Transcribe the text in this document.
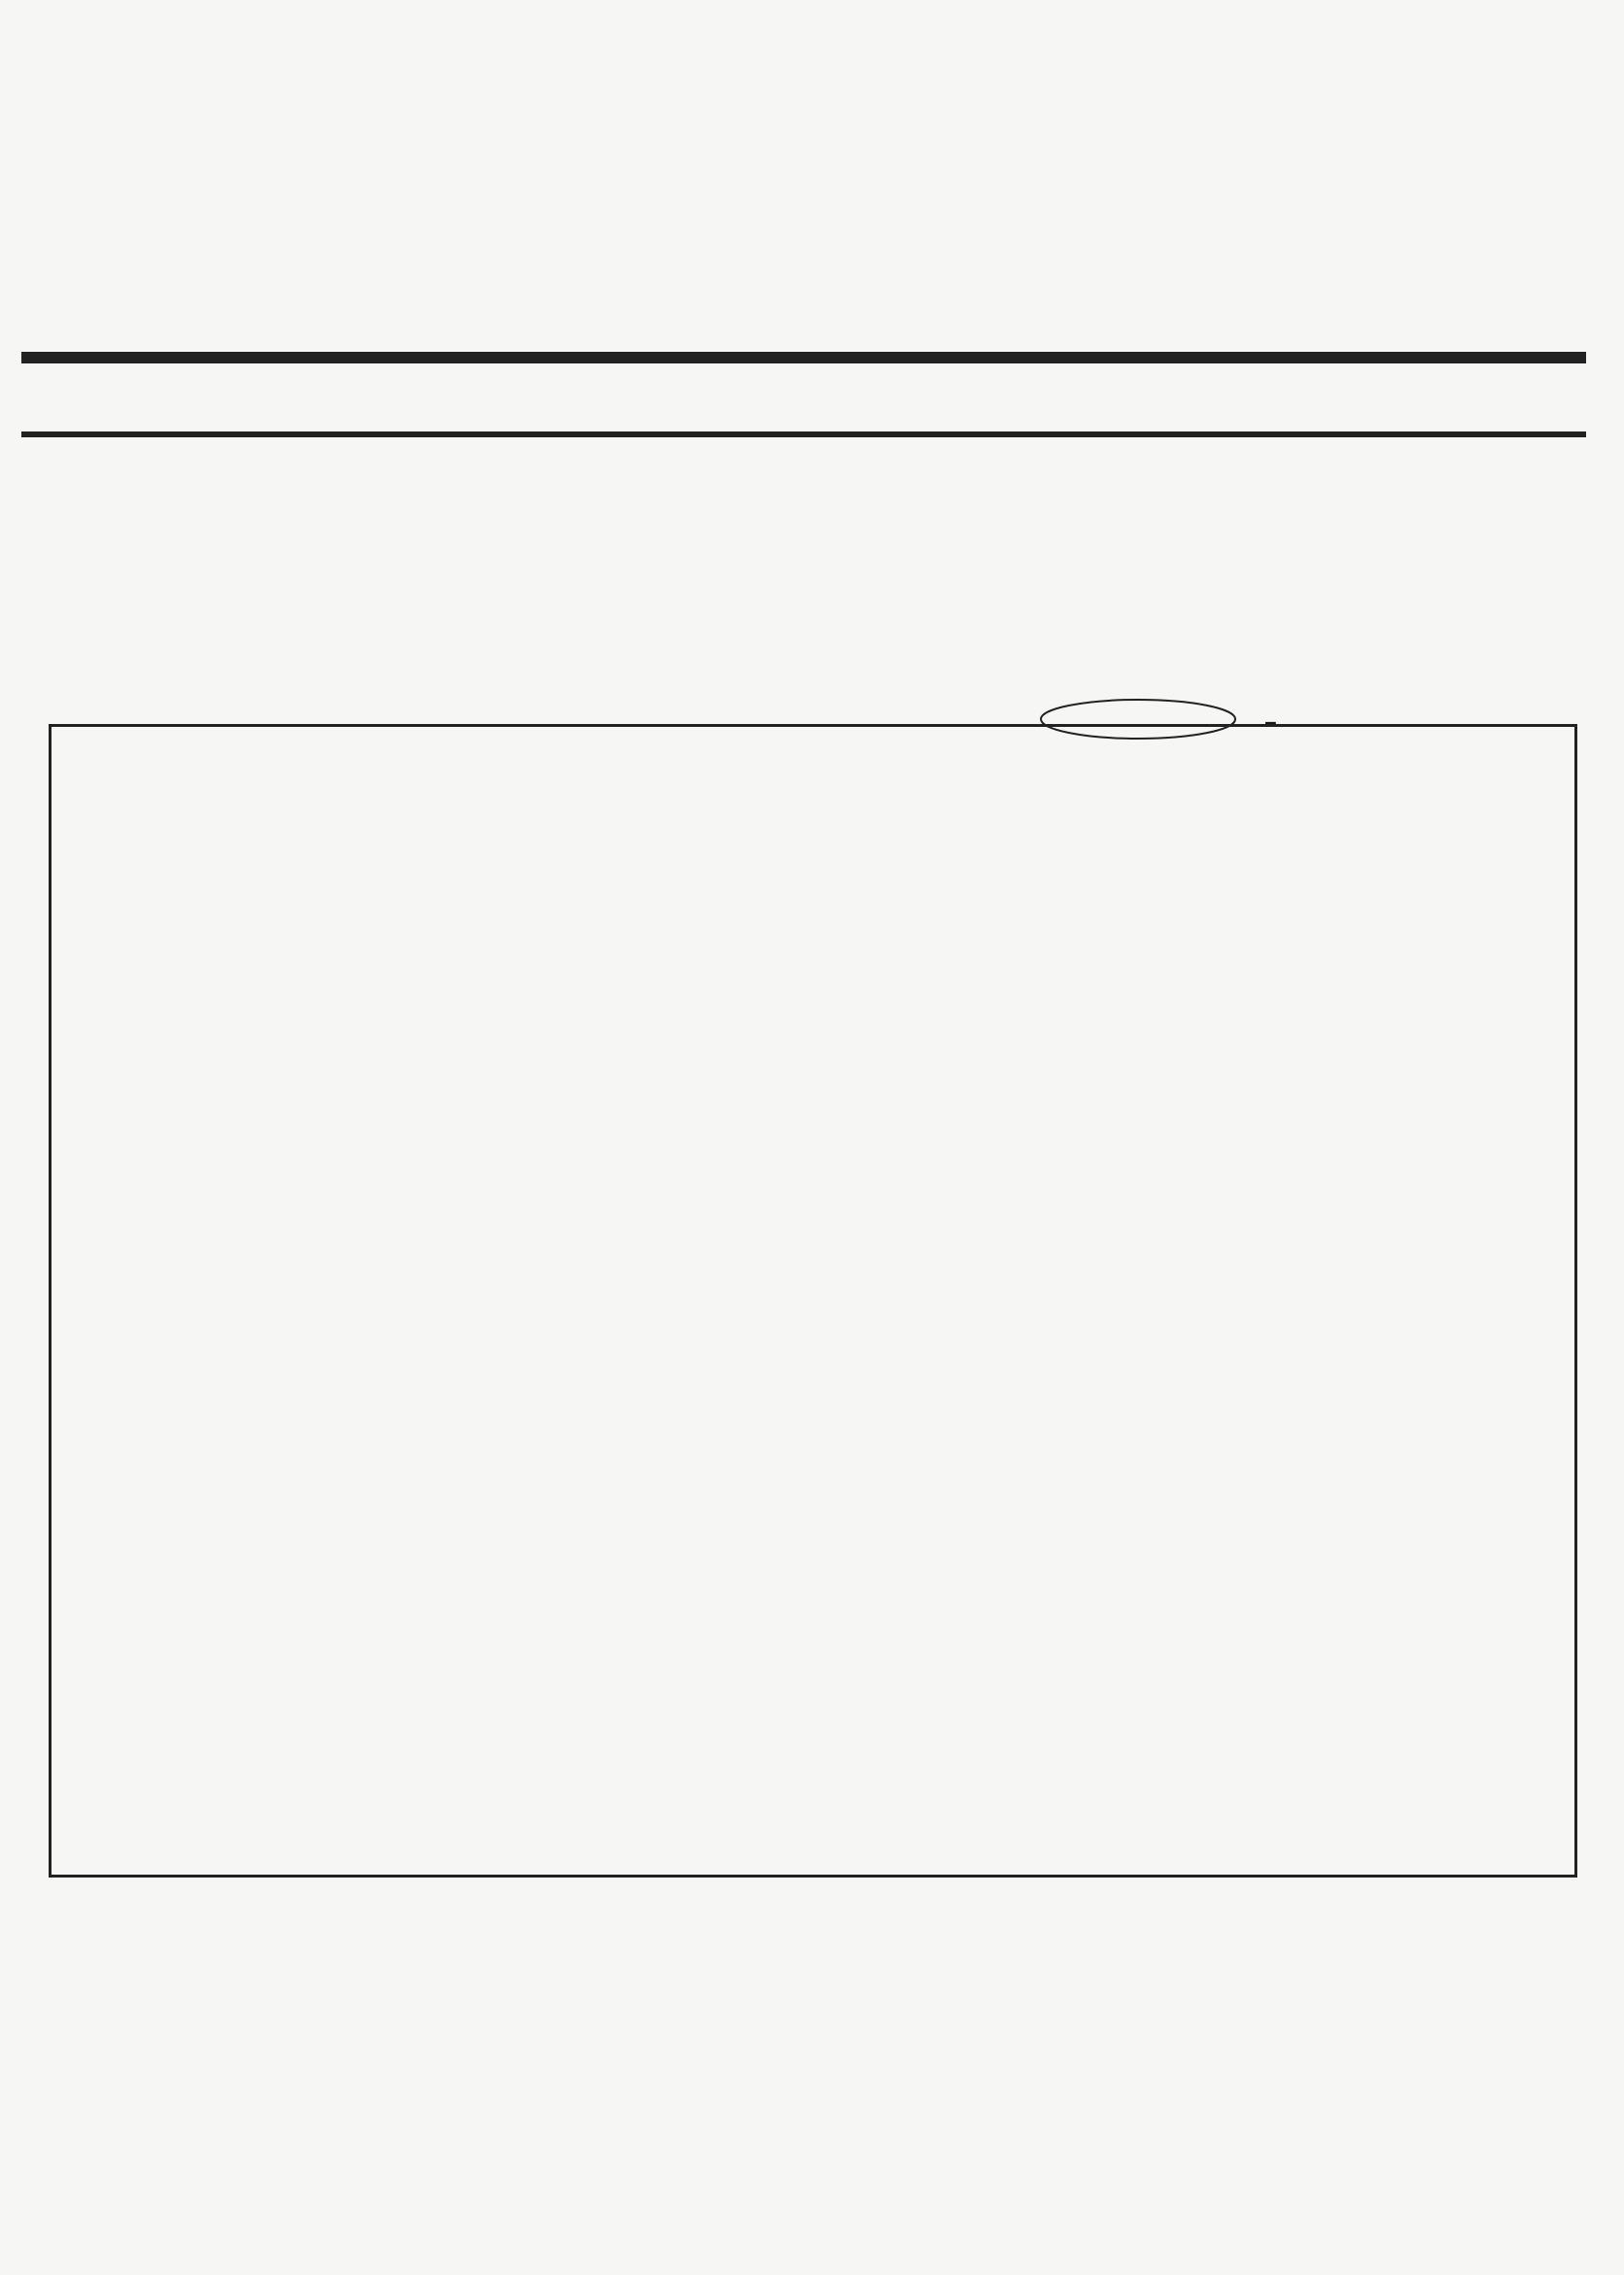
▬
